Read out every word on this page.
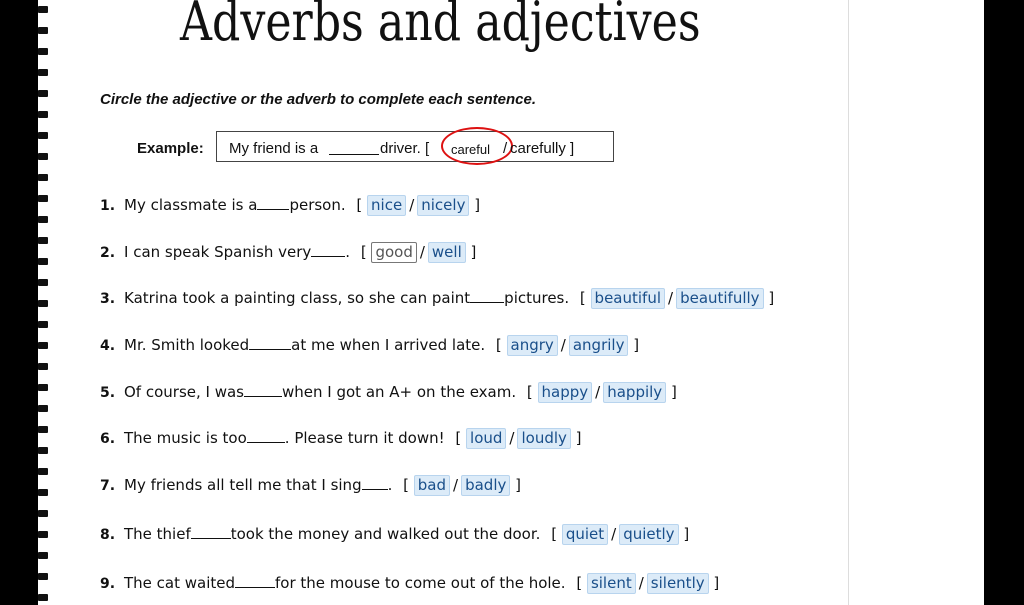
Adverbs and adjectives
Circle the adjective or the adverb to complete each sentence.
Example: My friend is a	driver. [ careful / carefully ]
1. My classmate is a person. [ nice / nicely ]
2. I can speak Spanish very . [ good / well ]
3. Katrina took a painting class, so she can paint pictures. [ beautiful / beautifully ]
4. Mr. Smith looked	at me when I arrived late. [ angry / angrily ]
5. Of course, I was	when I got an A+ on the exam. [ happy / happily ]
6. The music is too	. Please turn it down! [ loud / loudly ]
7. My friends all tell me that I sing . [ bad / badly ]
8. The thief	took the money and walked out the door. [ quiet / quietly ]
9. The cat waited	for the mouse to come out of the hole. [ silent / silently ]
